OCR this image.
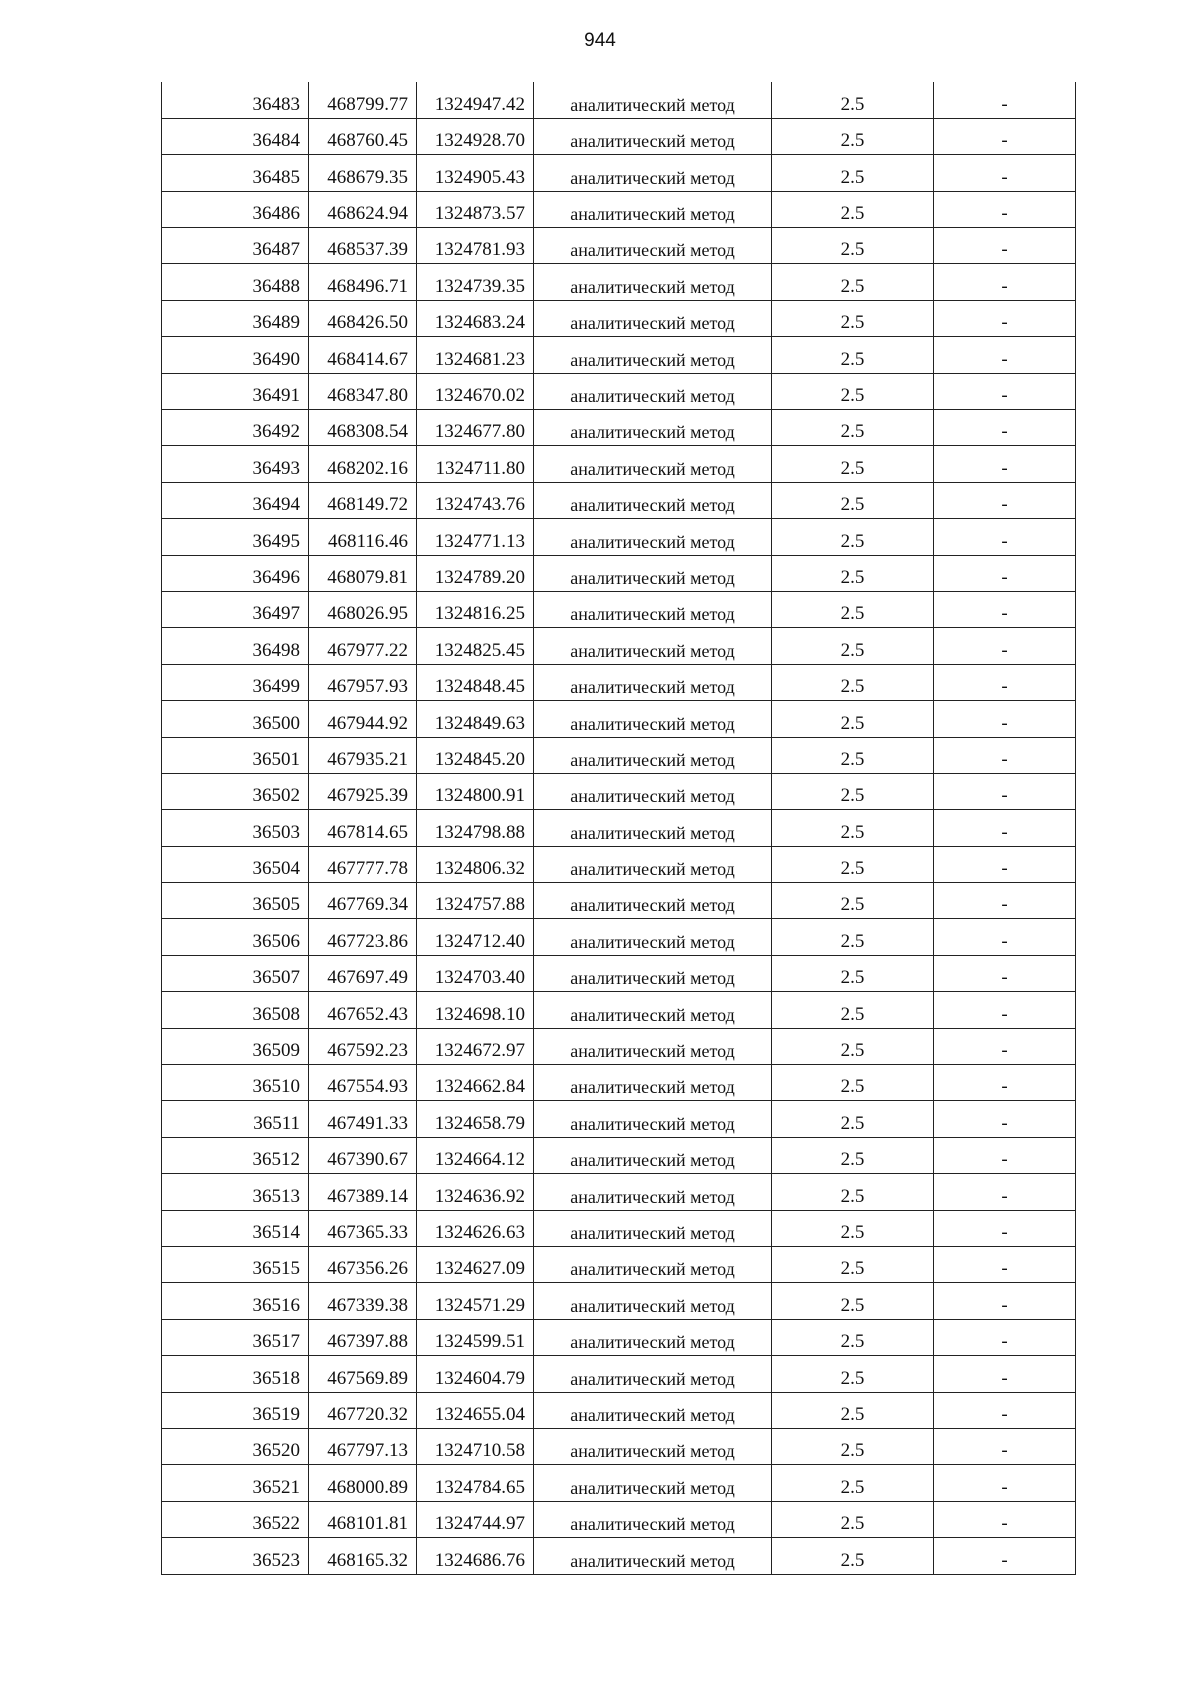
944
36483	468799.77	1324947.42	аналитический метод	2.5	-
36484	468760.45	1324928.70	аналитический метод	2.5	-
36485	468679.35	1324905.43	аналитический метод	2.5	-
36486	468624.94	1324873.57	аналитический метод	2.5	-
36487	468537.39	1324781.93	аналитический метод	2.5	-
36488	468496.71	1324739.35	аналитический метод	2.5	-
36489	468426.50	1324683.24	аналитический метод	2.5	-
36490	468414.67	1324681.23	аналитический метод	2.5	-
36491	468347.80	1324670.02	аналитический метод	2.5	-
36492	468308.54	1324677.80	аналитический метод	2.5	-
36493	468202.16	1324711.80	аналитический метод	2.5	-
36494	468149.72	1324743.76	аналитический метод	2.5	-
36495	468116.46	1324771.13	аналитический метод	2.5	-
36496	468079.81	1324789.20	аналитический метод	2.5	-
36497	468026.95	1324816.25	аналитический метод	2.5	-
36498	467977.22	1324825.45	аналитический метод	2.5	-
36499	467957.93	1324848.45	аналитический метод	2.5	-
36500	467944.92	1324849.63	аналитический метод	2.5	-
36501	467935.21	1324845.20	аналитический метод	2.5	-
36502	467925.39	1324800.91	аналитический метод	2.5	-
36503	467814.65	1324798.88	аналитический метод	2.5	-
36504	467777.78	1324806.32	аналитический метод	2.5	-
36505	467769.34	1324757.88	аналитический метод	2.5	-
36506	467723.86	1324712.40	аналитический метод	2.5	-
36507	467697.49	1324703.40	аналитический метод	2.5	-
36508	467652.43	1324698.10	аналитический метод	2.5	-
36509	467592.23	1324672.97	аналитический метод	2.5	-
36510	467554.93	1324662.84	аналитический метод	2.5	-
36511	467491.33	1324658.79	аналитический метод	2.5	-
36512	467390.67	1324664.12	аналитический метод	2.5	-
36513	467389.14	1324636.92	аналитический метод	2.5	-
36514	467365.33	1324626.63	аналитический метод	2.5	-
36515	467356.26	1324627.09	аналитический метод	2.5	-
36516	467339.38	1324571.29	аналитический метод	2.5	-
36517	467397.88	1324599.51	аналитический метод	2.5	-
36518	467569.89	1324604.79	аналитический метод	2.5	-
36519	467720.32	1324655.04	аналитический метод	2.5	-
36520	467797.13	1324710.58	аналитический метод	2.5	-
36521	468000.89	1324784.65	аналитический метод	2.5	-
36522	468101.81	1324744.97	аналитический метод	2.5	-
36523	468165.32	1324686.76	аналитический метод	2.5	-
